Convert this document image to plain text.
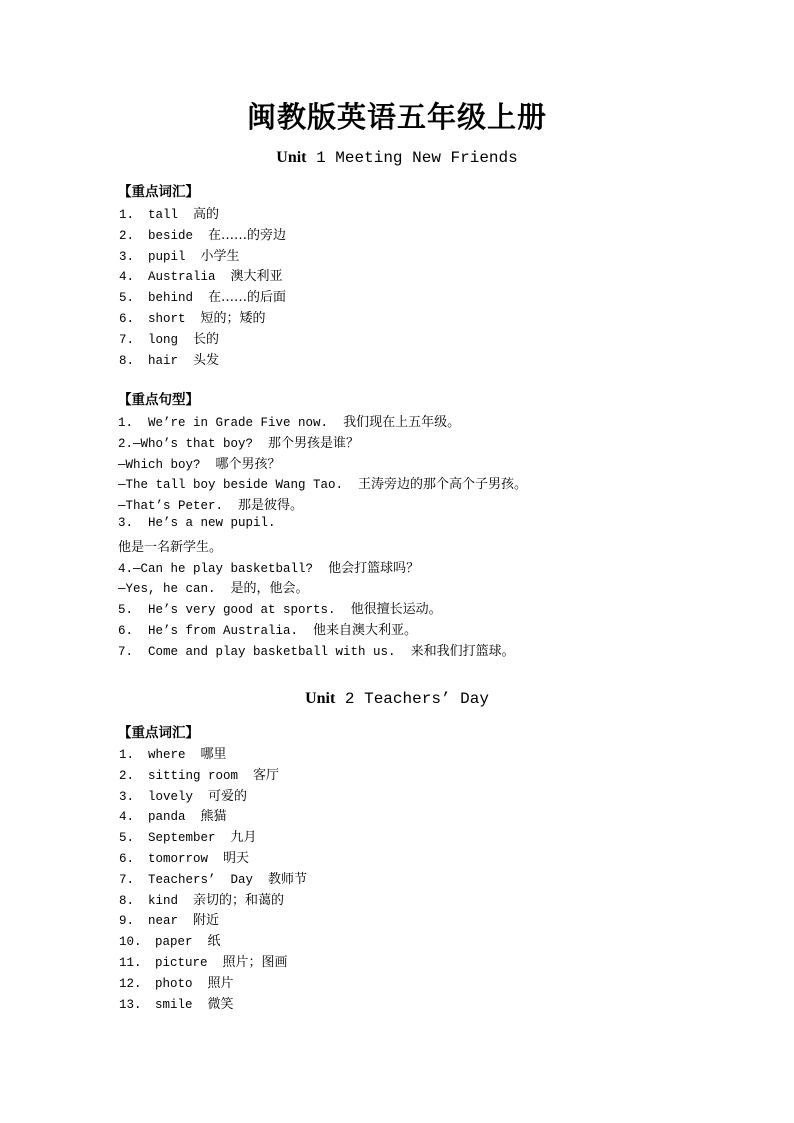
闽教版英语五年级上册
Unit 1 Meeting New Friends
【重点词汇】
1. tall 高的
2. beside 在……的旁边
3. pupil 小学生
4. Australia 澳大利亚
5. behind 在……的后面
6. short 短的；矮的
7. long 长的
8. hair 头发
【重点句型】
1.  We’re in Grade Five now.  我们现在上五年级。
2.—Who’s that boy?  那个男孩是谁？
—Which boy?  哪个男孩？
—The tall boy beside Wang Tao.  王涛旁边的那个高个子男孩。
—That’s Peter.  那是彼得。
3.  He’s a new pupil.
他是一名新学生。
4.—Can he play basketball?  他会打篮球吗？
—Yes, he can.  是的，他会。
5.  He’s very good at sports.  他很擅长运动。
6.  He’s from Australia.  他来自澳大利亚。
7.  Come and play basketball with us.  来和我们打篮球。
Unit 2 Teachers’ Day
【重点词汇】
1. where 哪里
2. sitting room 客厅
3. lovely 可爱的
4. panda 熊猫
5. September 九月
6. tomorrow 明天
7. Teachers’  Day 教师节
8. kind 亲切的；和蔼的
9. near 附近
10. paper 纸
11. picture 照片；图画
12. photo 照片
13. smile 微笑
